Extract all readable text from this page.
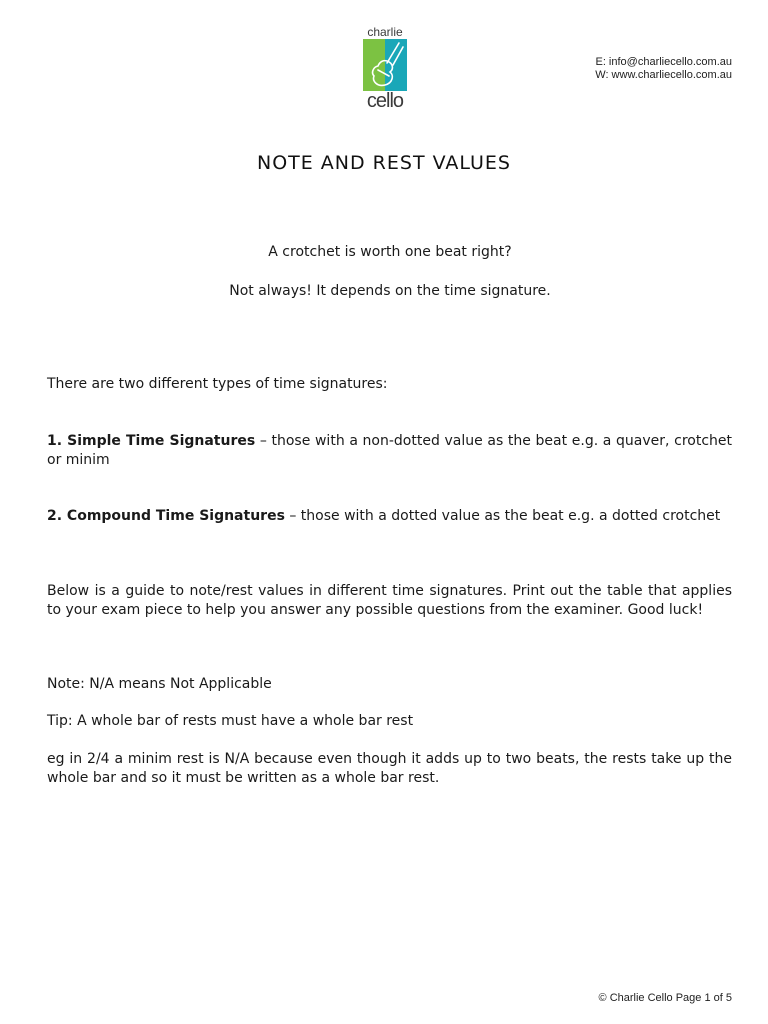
charlie
cello
E: info@charliecello.com.au
W: www.charliecello.com.au
NOTE AND REST VALUES
A crotchet is worth one beat right?
Not always! It depends on the time signature.
There are two different types of time signatures:
1. Simple Time Signatures – those with a non-dotted value as the beat e.g. a quaver, crotchet or minim
2. Compound Time Signatures – those with a dotted value as the beat e.g. a dotted crotchet
Below is a guide to note/rest values in different time signatures. Print out the table that applies to your exam piece to help you answer any possible questions from the examiner. Good luck!
Note: N/A means Not Applicable
Tip: A whole bar of rests must have a whole bar rest
eg in 2/4 a minim rest is N/A because even though it adds up to two beats, the rests take up the whole bar and so it must be written as a whole bar rest.
© Charlie Cello Page 1 of 5
